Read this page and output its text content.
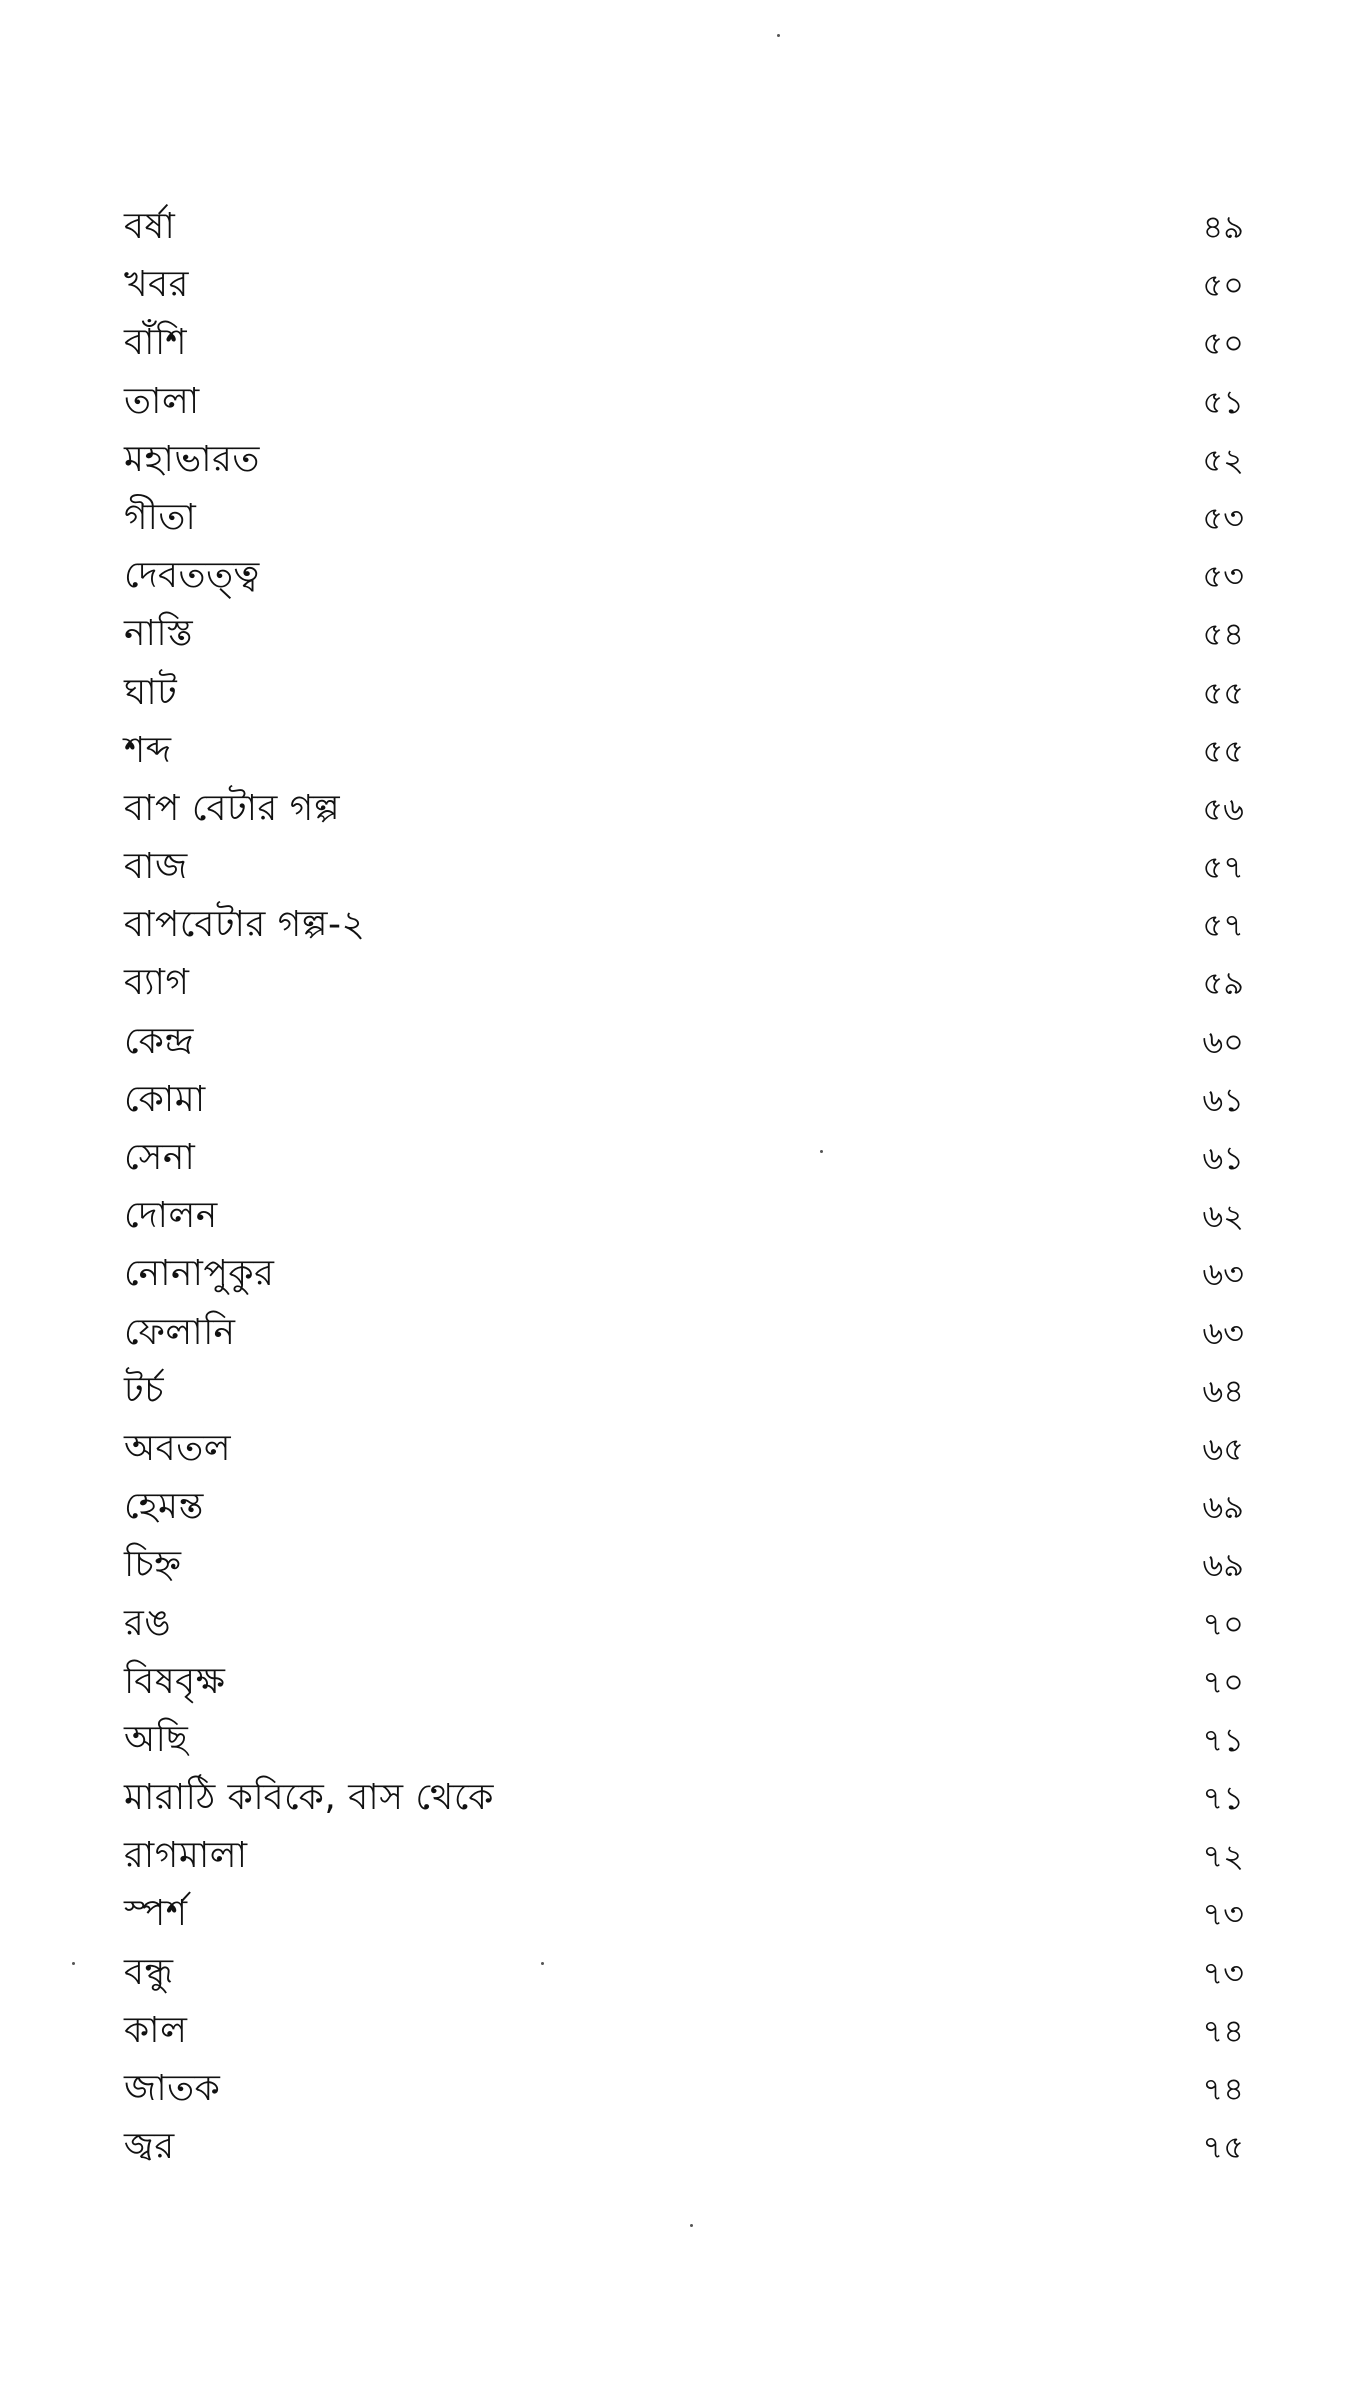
বর্ষা	৪৯
খবর	৫০
বাঁশি	৫০
তালা	৫১
মহাভারত	৫২
গীতা	৫৩
দেবতত্ত্ব	৫৩
নাস্তি	৫৪
ঘাট	৫৫
শব্দ	৫৫
বাপ বেটার গল্প	৫৬
বাজ	৫৭
বাপবেটার গল্প-২	৫৭
ব্যাগ	৫৯
কেন্দ্র	৬০
কোমা	৬১
সেনা	৬১
দোলন	৬২
নোনাপুকুর	৬৩
ফেলানি	৬৩
টর্চ	৬৪
অবতল	৬৫
হেমন্ত	৬৯
চিহ্ন	৬৯
রঙ	৭০
বিষবৃক্ষ	৭০
অছি	৭১
মারাঠি কবিকে, বাস থেকে	৭১
রাগমালা	৭২
স্পর্শ	৭৩
বন্ধু	৭৩
কাল	৭৪
জাতক	৭৪
জ্বর	৭৫
